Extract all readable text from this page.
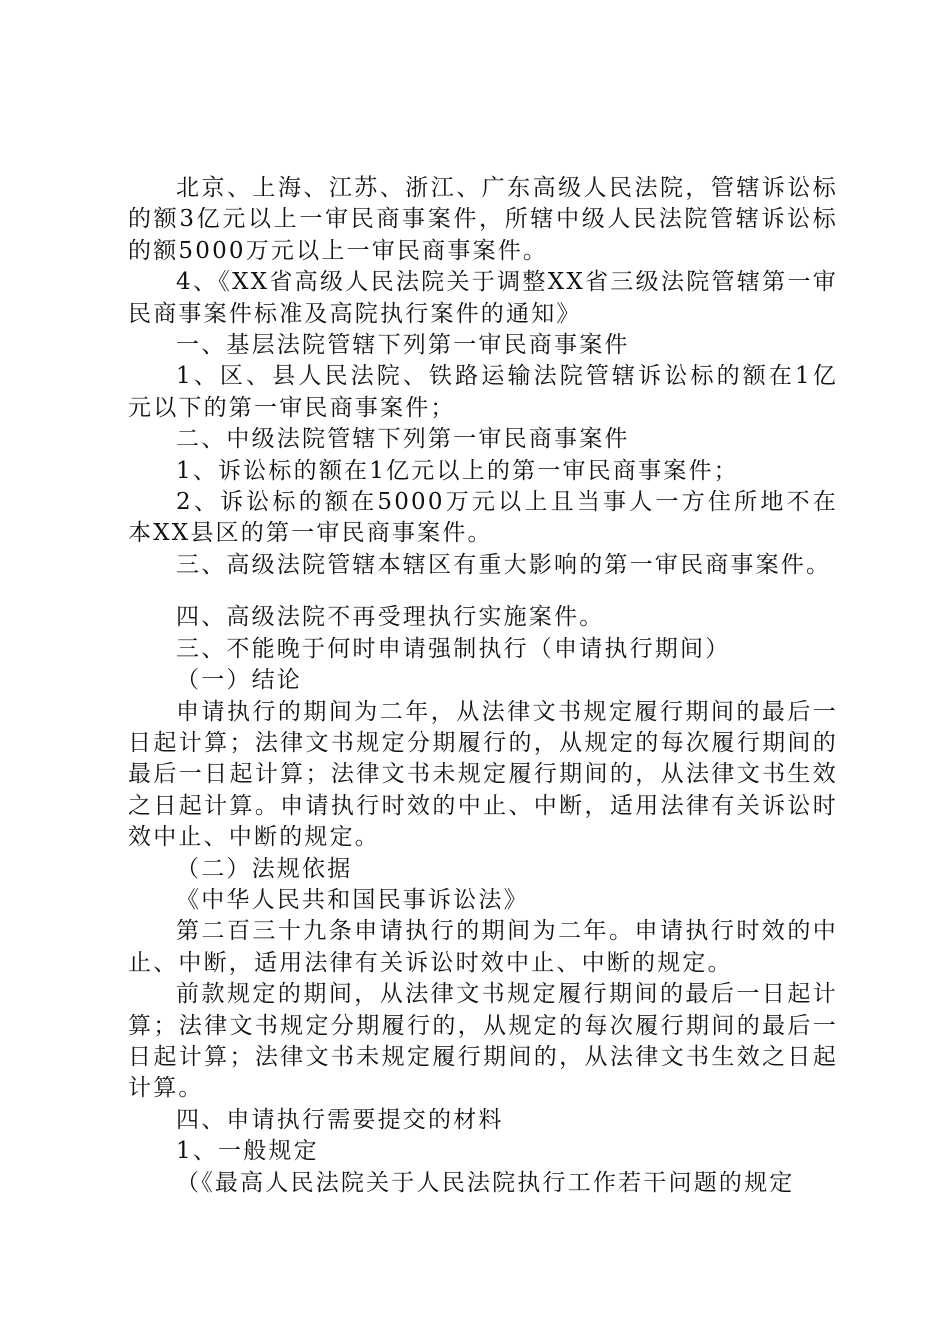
北京、上海、江苏、浙江、广东高级人民法院，管辖诉讼标的额3亿元以上一审民商事案件，所辖中级人民法院管辖诉讼标的额5000万元以上一审民商事案件。

4、《XX省高级人民法院关于调整XX省三级法院管辖第一审民商事案件标准及高院执行案件的通知》

一、基层法院管辖下列第一审民商事案件

1、区、县人民法院、铁路运输法院管辖诉讼标的额在1亿元以下的第一审民商事案件；

二、中级法院管辖下列第一审民商事案件

1、诉讼标的额在1亿元以上的第一审民商事案件；

2、诉讼标的额在5000万元以上且当事人一方住所地不在本XX县区的第一审民商事案件。

三、高级法院管辖本辖区有重大影响的第一审民商事案件。

四、高级法院不再受理执行实施案件。

三、不能晚于何时申请强制执行（申请执行期间）

（一）结论

申请执行的期间为二年，从法律文书规定履行期间的最后一日起计算；法律文书规定分期履行的，从规定的每次履行期间的最后一日起计算；法律文书未规定履行期间的，从法律文书生效之日起计算。申请执行时效的中止、中断，适用法律有关诉讼时效中止、中断的规定。

（二）法规依据

《中华人民共和国民事诉讼法》

第二百三十九条申请执行的期间为二年。申请执行时效的中止、中断，适用法律有关诉讼时效中止、中断的规定。

前款规定的期间，从法律文书规定履行期间的最后一日起计算；法律文书规定分期履行的，从规定的每次履行期间的最后一日起计算；法律文书未规定履行期间的，从法律文书生效之日起计算。

四、申请执行需要提交的材料

1、一般规定

（《最高人民法院关于人民法院执行工作若干问题的规定
